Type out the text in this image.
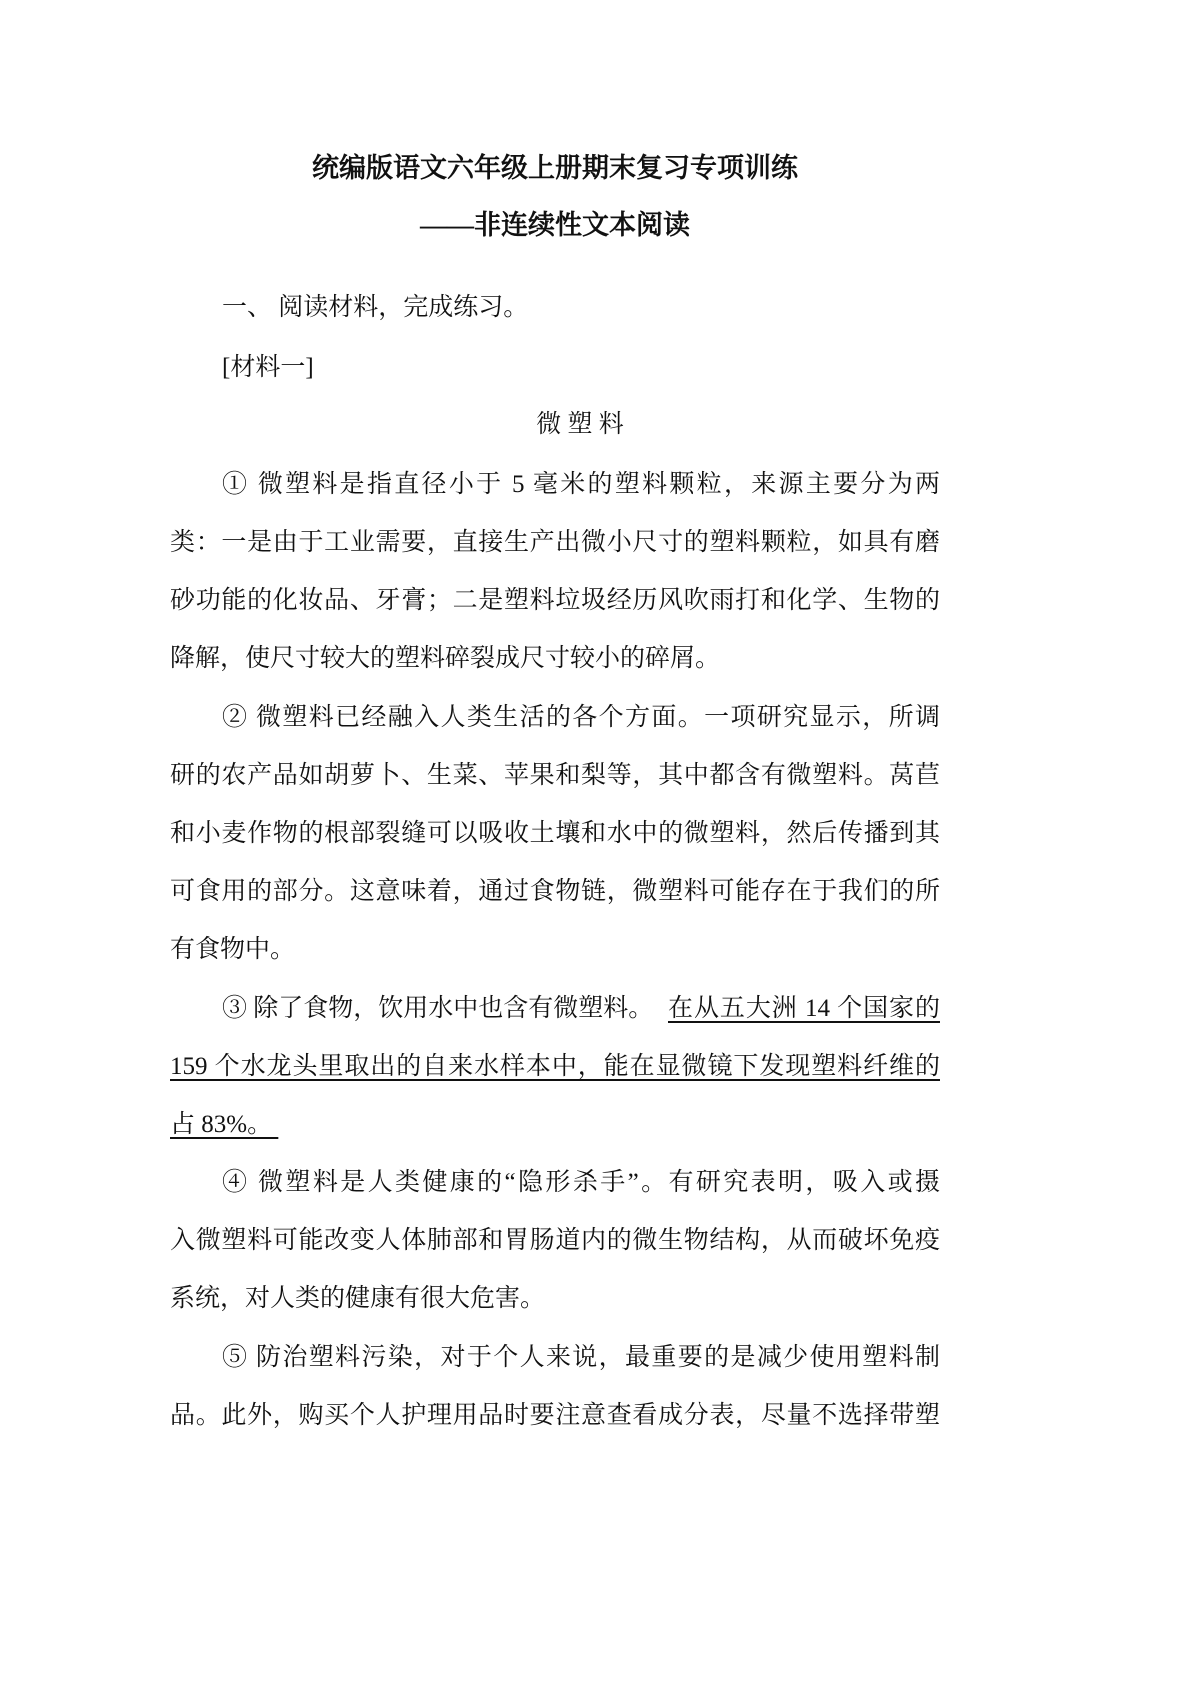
统编版语文六年级上册期末复习专项训练
——非连续性文本阅读
一、 阅读材料，完成练习。
[材料一]
微 塑 料
① 微塑料是指直径小于 5 毫米的塑料颗粒，来源主要分为两
类：一是由于工业需要，直接生产出微小尺寸的塑料颗粒，如具有磨
砂功能的化妆品、牙膏；二是塑料垃圾经历风吹雨打和化学、生物的
降解，使尺寸较大的塑料碎裂成尺寸较小的碎屑。
② 微塑料已经融入人类生活的各个方面。一项研究显示，所调
研的农产品如胡萝卜、生菜、苹果和梨等，其中都含有微塑料。莴苣
和小麦作物的根部裂缝可以吸收土壤和水中的微塑料，然后传播到其
可食用的部分。这意味着，通过食物链，微塑料可能存在于我们的所
有食物中。
③ 除了食物，饮用水中也含有微塑料。 在从五大洲 14 个国家的
159 个水龙头里取出的自来水样本中，能在显微镜下发现塑料纤维的
占 83%。
④ 微塑料是人类健康的“隐形杀手”。有研究表明，吸入或摄
入微塑料可能改变人体肺部和胃肠道内的微生物结构，从而破坏免疫
系统，对人类的健康有很大危害。
⑤ 防治塑料污染，对于个人来说，最重要的是减少使用塑料制
品。此外，购买个人护理用品时要注意查看成分表，尽量不选择带塑
